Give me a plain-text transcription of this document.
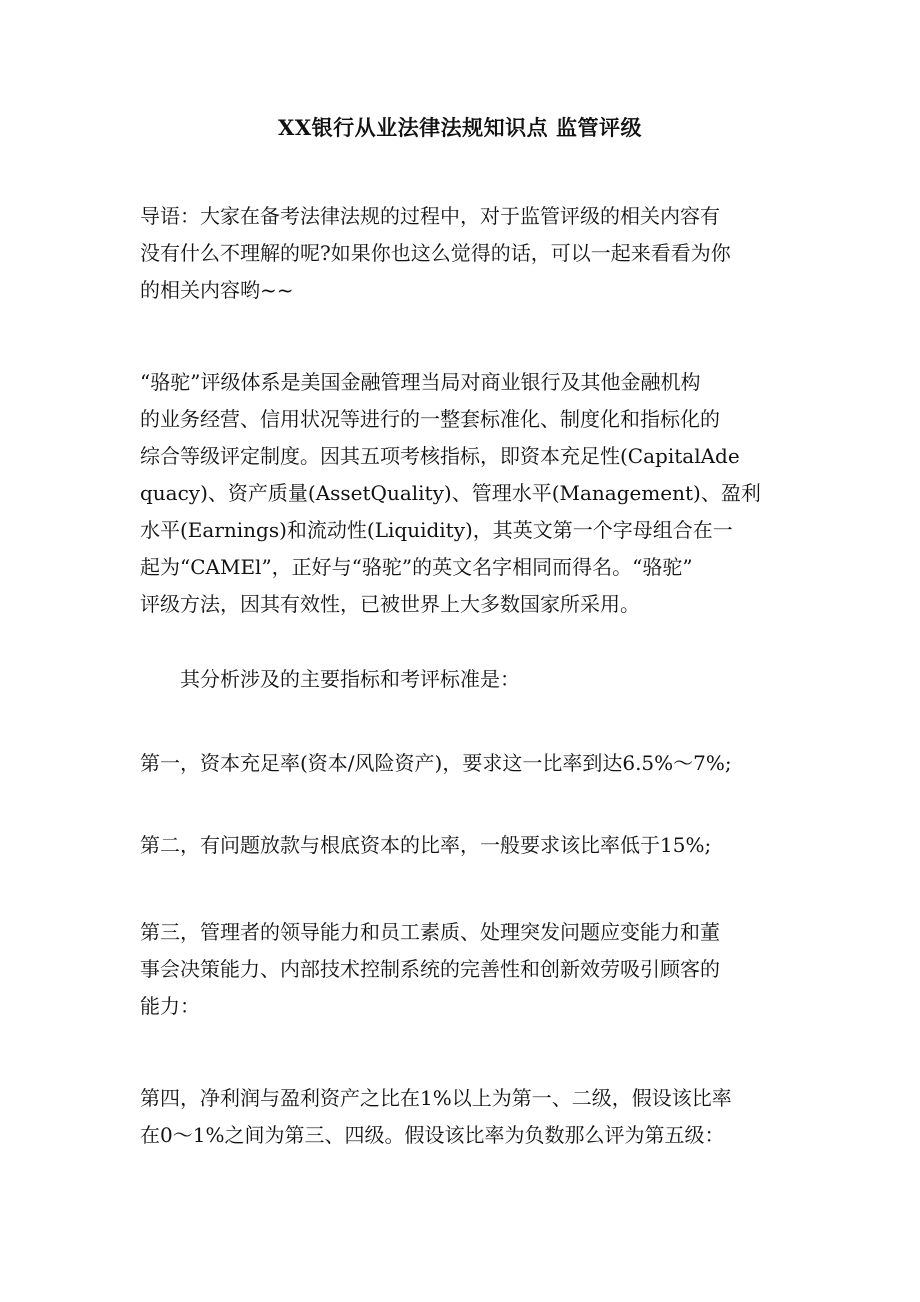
XX银行从业法律法规知识点 监管评级

导语：大家在备考法律法规的过程中，对于监管评级的相关内容有
没有什么不理解的呢?如果你也这么觉得的话，可以一起来看看为你
的相关内容哟~~

“骆驼”评级体系是美国金融管理当局对商业银行及其他金融机构
的业务经营、信用状况等进行的一整套标准化、制度化和指标化的
综合等级评定制度。因其五项考核指标，即资本充足性(CapitalAde
quacy)、资产质量(AssetQuality)、管理水平(Management)、盈利
水平(Earnings)和流动性(Liquidity)，其英文第一个字母组合在一
起为“CAMEl”，正好与“骆驼”的英文名字相同而得名。“骆驼”
评级方法，因其有效性，已被世界上大多数国家所采用。

其分析涉及的主要指标和考评标准是：

第一，资本充足率(资本/风险资产)，要求这一比率到达6.5%～7%;

第二，有问题放款与根底资本的比率，一般要求该比率低于15%;

第三，管理者的领导能力和员工素质、处理突发问题应变能力和董
事会决策能力、内部技术控制系统的完善性和创新效劳吸引顾客的
能力：

第四，净利润与盈利资产之比在1%以上为第一、二级，假设该比率
在0～1%之间为第三、四级。假设该比率为负数那么评为第五级：
